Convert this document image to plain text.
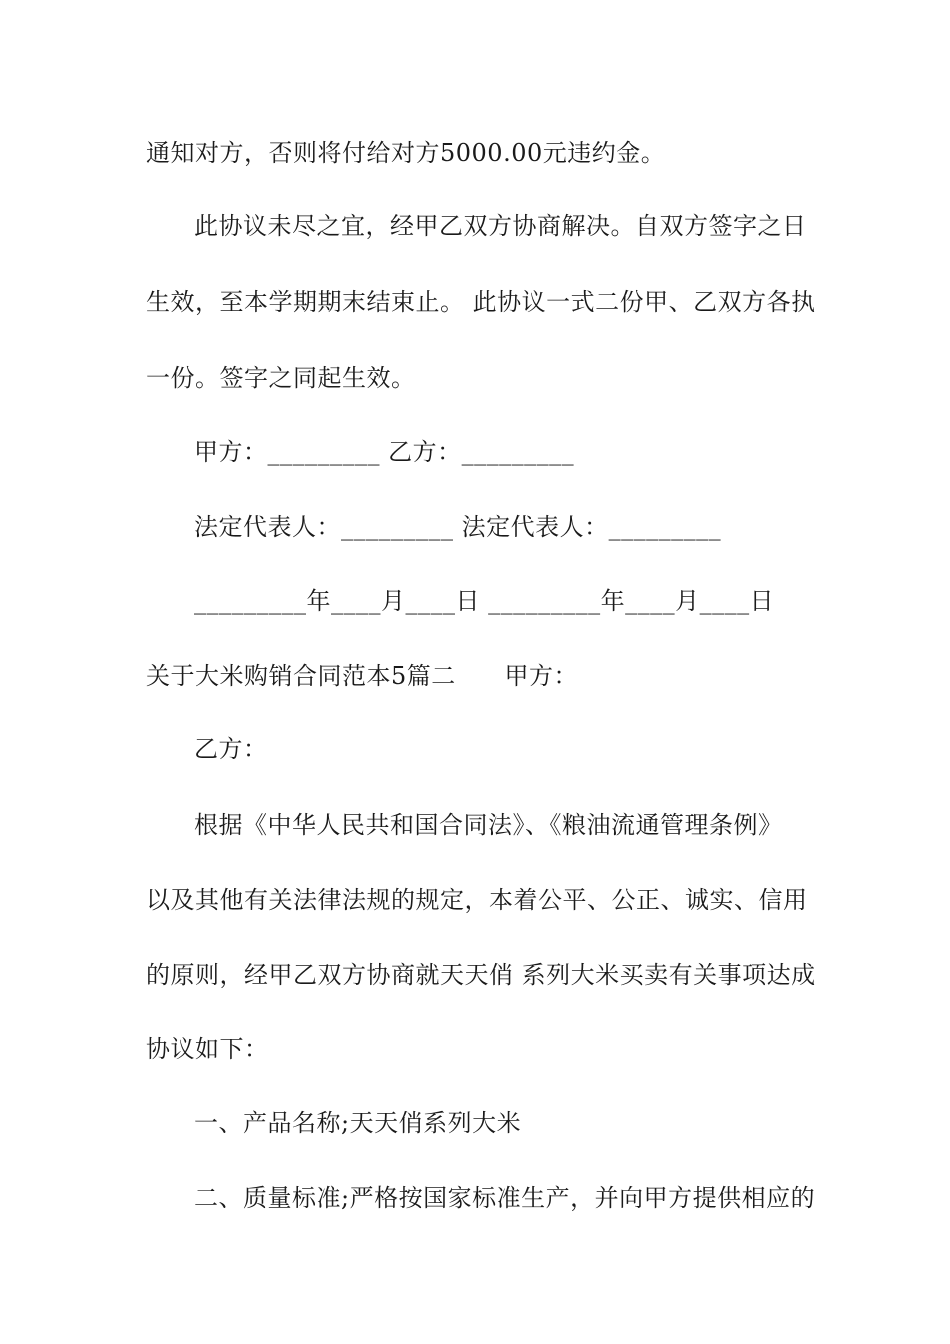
通知对方，否则将付给对方5000.00元违约金。
此协议未尽之宜，经甲乙双方协商解决。自双方签字之日
生效，至本学期期末结束止。 此协议一式二份甲、乙双方各执
一份。签字之同起生效。
甲方：_________ 乙方：_________
法定代表人：_________ 法定代表人：_________
_________年____月____日 _________年____月____日
关于大米购销合同范本5篇二      甲方：
乙方：
根据《中华人民共和国合同法》、《粮油流通管理条例》
以及其他有关法律法规的规定，本着公平、公正、诚实、信用
的原则，经甲乙双方协商就天天俏 系列大米买卖有关事项达成
协议如下：
一、产品名称;天天俏系列大米
二、质量标准;严格按国家标准生产，并向甲方提供相应的
